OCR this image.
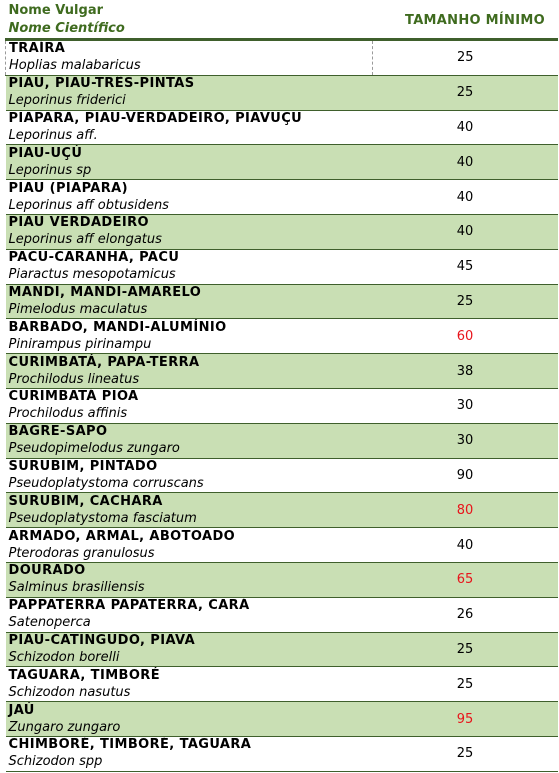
Nome Vulgar
Nome Científico	TAMANHO MÍNIMO

TRAÍRA
Hoplias malabaricus	25

PIAU, PIAU-TRÊS-PINTAS
Leporinus friderici	25

PIAPARA, PIAU-VERDADEIRO, PIAVUÇU
Leporinus aff.	40

PIAU-UÇÚ
Leporinus sp	40

PIAU (PIAPARA)
Leporinus aff obtusidens	40

PIAU VERDADEIRO
Leporinus aff elongatus	40

PACU-CARANHA, PACU
Piaractus mesopotamicus	45

MANDI, MANDI-AMARELO
Pimelodus maculatus	25

BARBADO, MANDI-ALUMÍNIO
Pinirampus pirinampu	60

CURIMBATÁ, PAPA-TERRA
Prochilodus lineatus	38

CURIMBATÁ PIOA
Prochilodus affinis	30

BAGRE-SAPO
Pseudopimelodus zungaro	30

SURUBIM, PINTADO
Pseudoplatystoma corruscans	90

SURUBIM, CACHARA
Pseudoplatystoma fasciatum	80

ARMADO, ARMAL, ABOTOADO
Pterodoras granulosus	40

DOURADO
Salminus brasiliensis	65

PAPPATERRA PAPATERRA, CARÁ
Satenoperca	26

PIAU-CATINGUDO, PIAVA
Schizodon borelli	25

TAGUARA, TIMBORÉ
Schizodon nasutus	25

JAÚ
Zungaro zungaro	95

CHIMBORÉ, TIMBORÉ, TAGUARA
Schizodon spp	25
